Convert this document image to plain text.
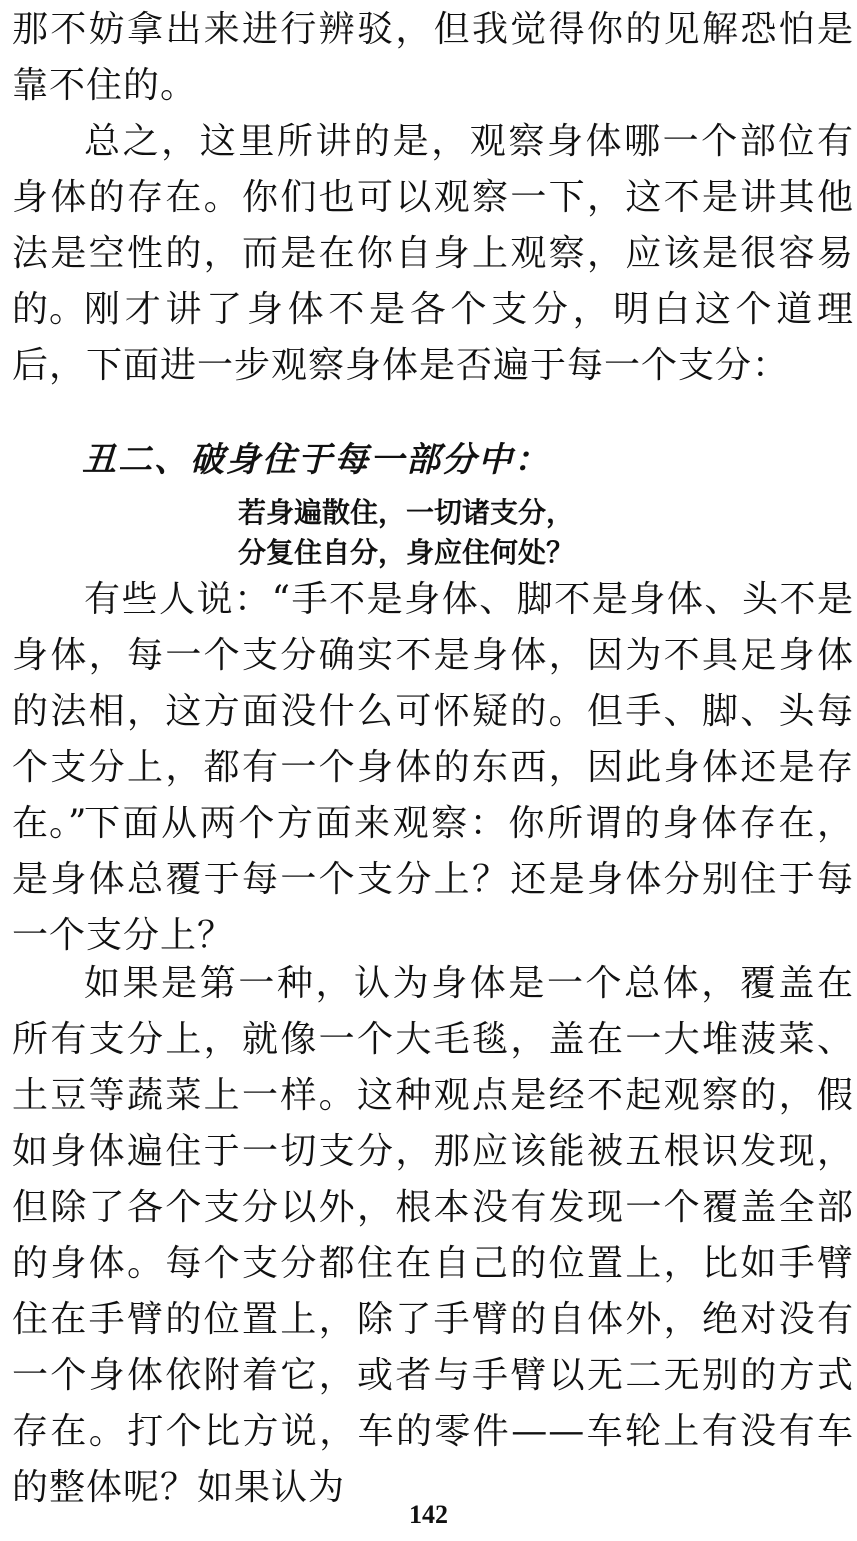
那不妨拿出来进行辨驳，但我觉得你的见解恐怕是靠不住的。

总之，这里所讲的是，观察身体哪一个部位有身体的存在。你们也可以观察一下，这不是讲其他法是空性的，而是在你自身上观察，应该是很容易的。

刚才讲了身体不是各个支分，明白这个道理后，下面进一步观察身体是否遍于每一个支分：

丑二、破身住于每一部分中：

若身遍散住，一切诸支分，

分复住自分，身应住何处？

有些人说：“手不是身体、脚不是身体、头不是身体，每一个支分确实不是身体，因为不具足身体的法相，这方面没什么可怀疑的。但手、脚、头每个支分上，都有一个身体的东西，因此身体还是存在。”

下面从两个方面来观察：你所谓的身体存在，是身体总覆于每一个支分上？还是身体分别住于每一个支分上？

如果是第一种，认为身体是一个总体，覆盖在所有支分上，就像一个大毛毯，盖在一大堆菠菜、土豆等蔬菜上一样。这种观点是经不起观察的，假如身体遍住于一切支分，那应该能被五根识发现，但除了各个支分以外，根本没有发现一个覆盖全部的身体。每个支分都住在自己的位置上，比如手臂住在手臂的位置上，除了手臂的自体外，绝对没有一个身体依附着它，或者与手臂以无二无别的方式存在。打个比方说，车的零件——车轮上有没有车的整体呢？如果认为

142
